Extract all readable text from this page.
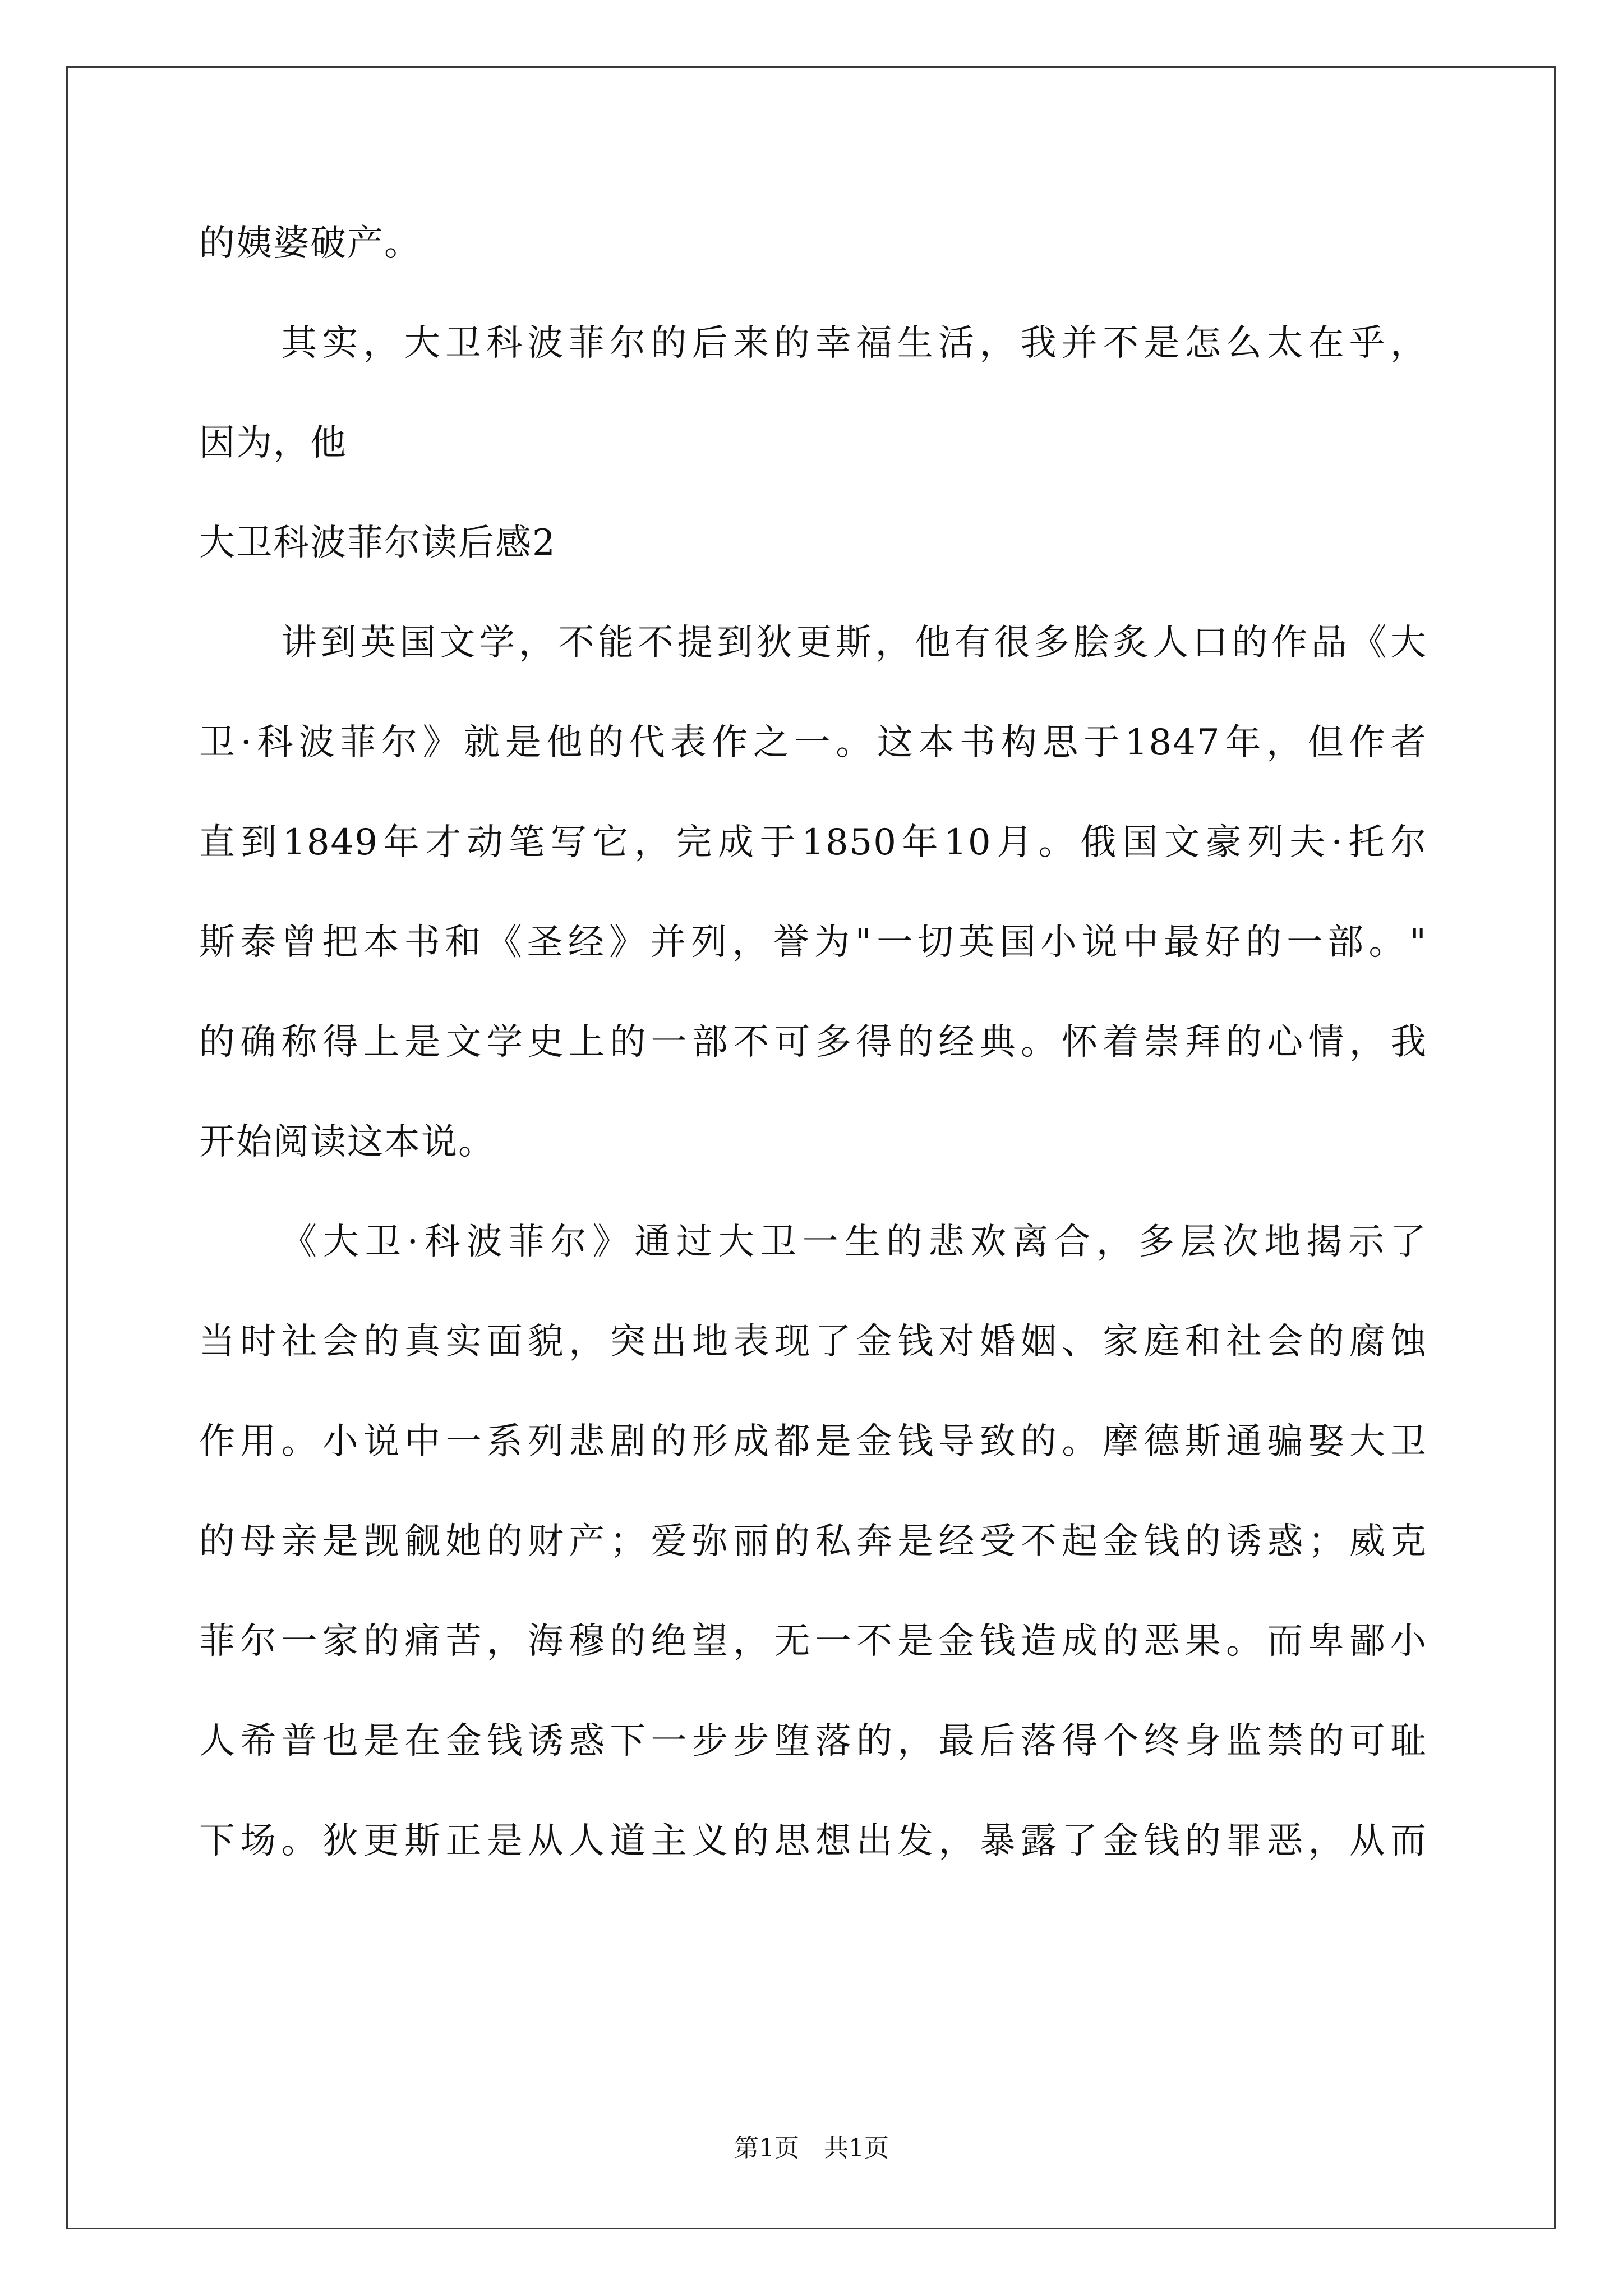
的姨婆破产。
其实，大卫科波菲尔的后来的幸福生活，我并不是怎么太在乎，
因为，他
大卫科波菲尔读后感2
讲到英国文学，不能不提到狄更斯，他有很多脍炙人口的作品《大
卫·科波菲尔》就是他的代表作之一。这本书构思于1847年，但作者
直到1849年才动笔写它，完成于1850年10月。俄国文豪列夫·托尔
斯泰曾把本书和《圣经》并列，誉为"一切英国小说中最好的一部。"
的确称得上是文学史上的一部不可多得的经典。怀着崇拜的心情，我
开始阅读这本说。
《大卫·科波菲尔》通过大卫一生的悲欢离合，多层次地揭示了
当时社会的真实面貌，突出地表现了金钱对婚姻、家庭和社会的腐蚀
作用。小说中一系列悲剧的形成都是金钱导致的。摩德斯通骗娶大卫
的母亲是觊觎她的财产；爱弥丽的私奔是经受不起金钱的诱惑；威克
菲尔一家的痛苦，海穆的绝望，无一不是金钱造成的恶果。而卑鄙小
人希普也是在金钱诱惑下一步步堕落的，最后落得个终身监禁的可耻
下场。狄更斯正是从人道主义的思想出发，暴露了金钱的罪恶，从而
第1页　共1页
